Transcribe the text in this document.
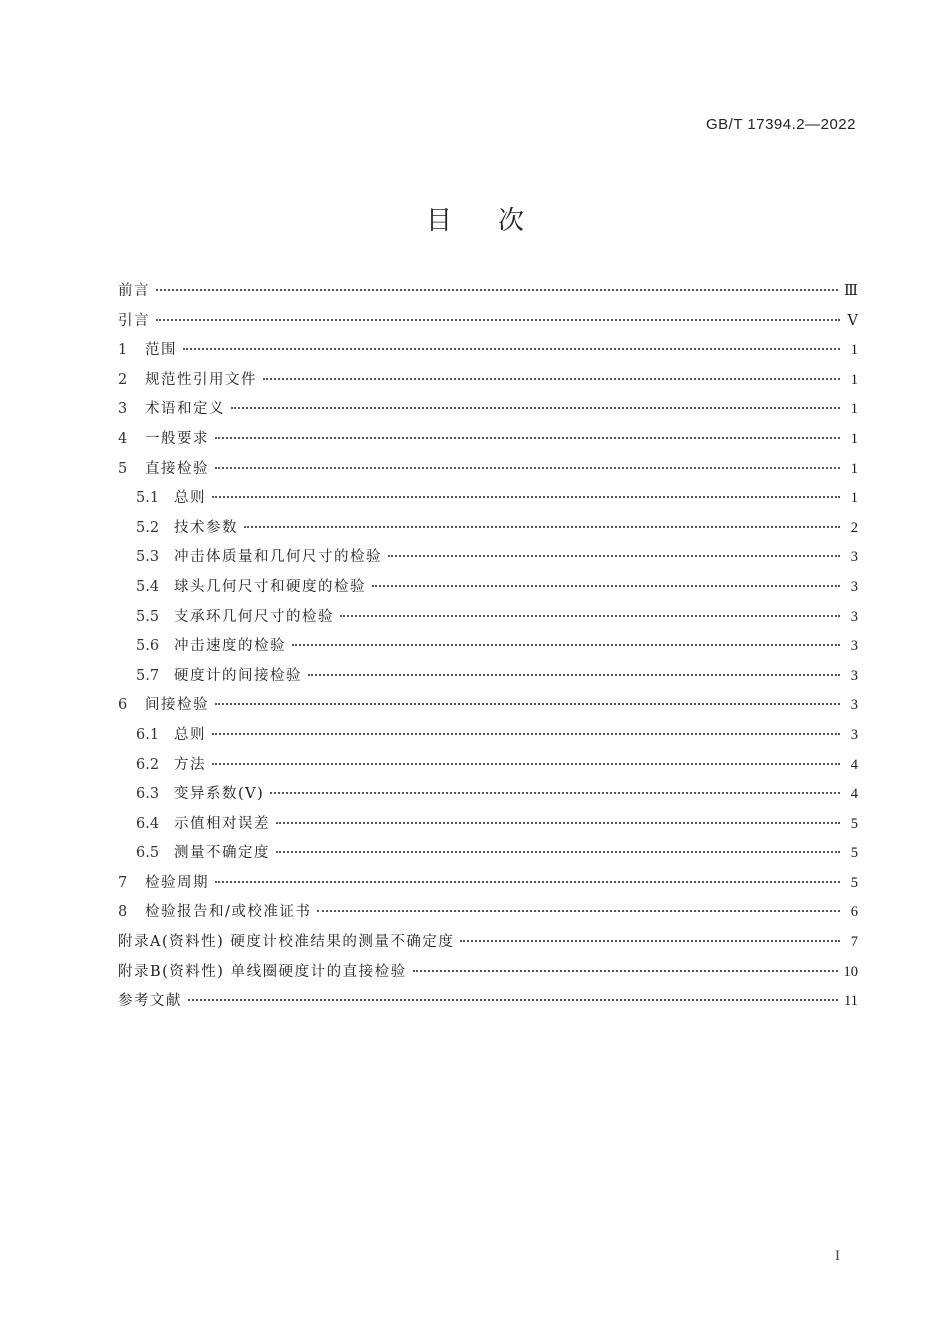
GB/T 17394.2—2022
目次
前言	Ⅲ
引言	Ⅴ
1	范围	1
2	规范性引用文件	1
3	术语和定义	1
4	一般要求	1
5	直接检验	1
5.1	总则	1
5.2	技术参数	2
5.3	冲击体质量和几何尺寸的检验	3
5.4	球头几何尺寸和硬度的检验	3
5.5	支承环几何尺寸的检验	3
5.6	冲击速度的检验	3
5.7	硬度计的间接检验	3
6	间接检验	3
6.1	总则	3
6.2	方法	4
6.3	变异系数(V)	4
6.4	示值相对误差	5
6.5	测量不确定度	5
7	检验周期	5
8	检验报告和/或校准证书	6
附录A(资料性) 硬度计校准结果的测量不确定度	7
附录B(资料性) 单线圈硬度计的直接检验	10
参考文献	11
I
